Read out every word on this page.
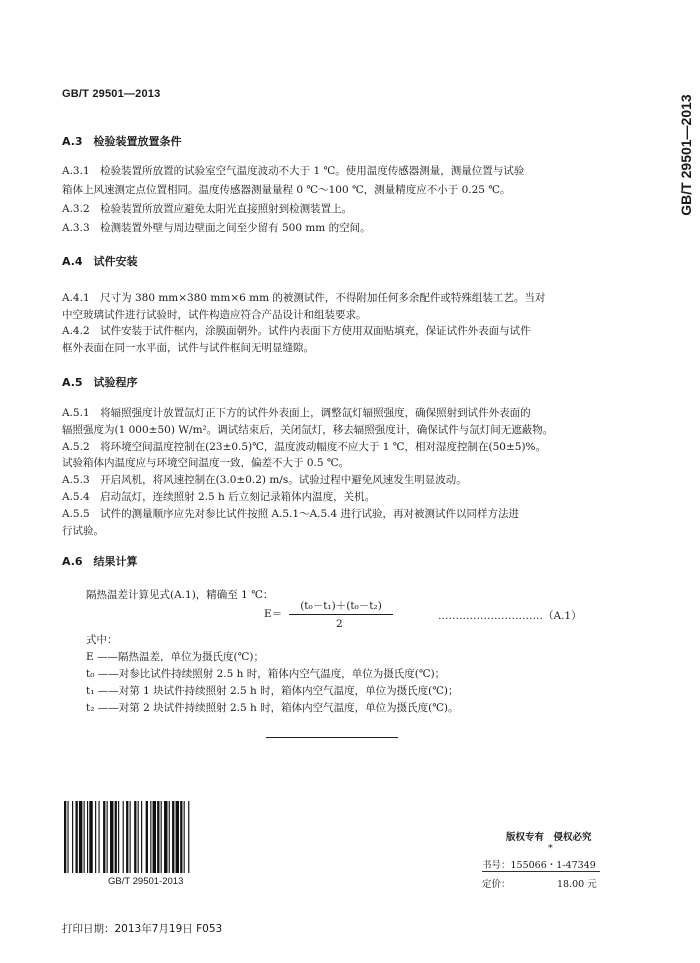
GB/T 29501—2013
GB/T 29501—2013
A.3　检验装置放置条件
A.3.1　检验装置所放置的试验室空气温度波动不大于 1 ℃。使用温度传感器测量，测量位置与试验
箱体上风速测定点位置相同。温度传感器测量量程 0 ℃～100 ℃，测量精度应不小于 0.25 ℃。
A.3.2　检验装置所放置应避免太阳光直接照射到检测装置上。
A.3.3　检测装置外壁与周边壁面之间至少留有 500 mm 的空间。
A.4　试件安装
A.4.1　尺寸为 380 mm×380 mm×6 mm 的被测试件，不得附加任何多余配件或特殊组装工艺。当对
中空玻璃试件进行试验时，试件构造应符合产品设计和组装要求。
A.4.2　试件安装于试件框内，涂膜面朝外。试件内表面下方使用双面贴填充，保证试件外表面与试件
框外表面在同一水平面，试件与试件框间无明显缝隙。
A.5　试验程序
A.5.1　将辐照强度计放置氙灯正下方的试件外表面上，调整氙灯辐照强度，确保照射到试件外表面的
辐照强度为(1 000±50) W/m²。调试结束后，关闭氙灯，移去辐照强度计，确保试件与氙灯间无遮蔽物。
A.5.2　将环境空间温度控制在(23±0.5)℃，温度波动幅度不应大于 1 ℃，相对湿度控制在(50±5)%。
试验箱体内温度应与环境空间温度一致，偏差不大于 0.5 ℃。
A.5.3　开启风机，将风速控制在(3.0±0.2) m/s。试验过程中避免风速发生明显波动。
A.5.4　启动氙灯，连续照射 2.5 h 后立刻记录箱体内温度，关机。
A.5.5　试件的测量顺序应先对参比试件按照 A.5.1～A.5.4 进行试验，再对被测试件以同样方法进
行试验。
A.6　结果计算
隔热温差计算见式(A.1)，精确至 1 ℃：
E＝
(t₀－t₁)＋(t₀－t₂)
2
…………………………（A.1）
式中：
E ——隔热温差，单位为摄氏度(℃)；
t₀ ——对参比试件持续照射 2.5 h 时，箱体内空气温度，单位为摄氏度(℃)；
t₁ ——对第 1 块试件持续照射 2.5 h 时，箱体内空气温度，单位为摄氏度(℃)；
t₂ ——对第 2 块试件持续照射 2.5 h 时，箱体内空气温度，单位为摄氏度(℃)。
GB/T 29501-2013
版权专有　侵权必究
*
书号：155066・1-47349
定价：	18.00 元
打印日期：2013年7月19日 F053
